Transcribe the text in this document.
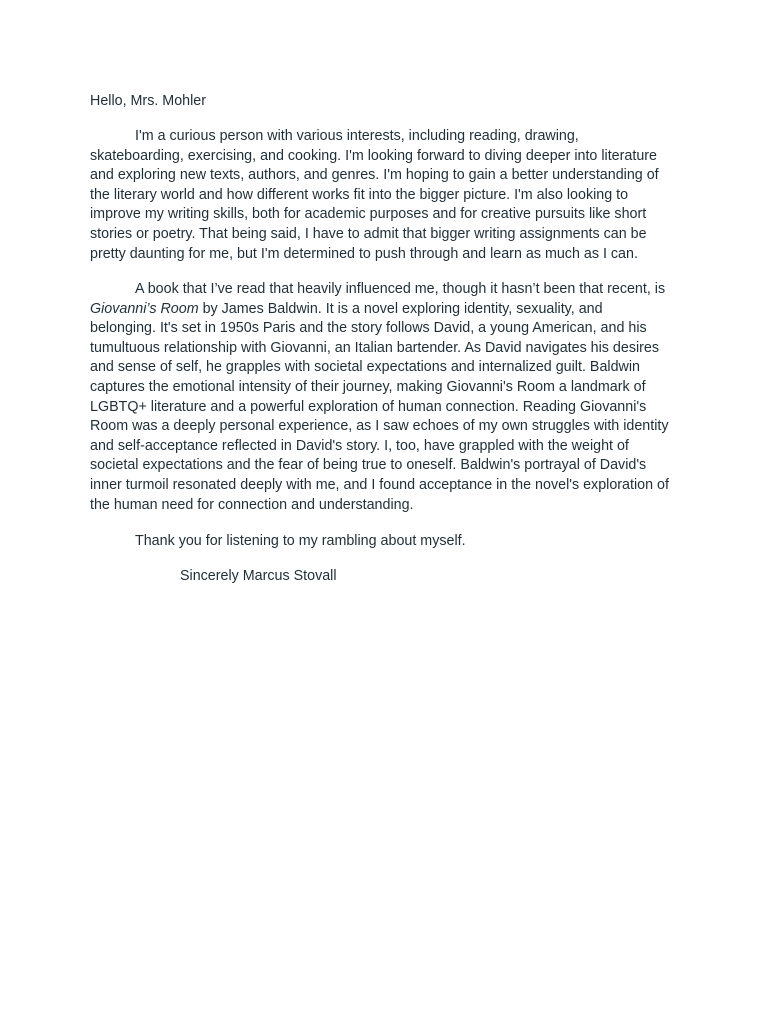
Hello, Mrs. Mohler

I'm a curious person with various interests, including reading, drawing,

skateboarding, exercising, and cooking. I'm looking forward to diving deeper into literature

and exploring new texts, authors, and genres. I'm hoping to gain a better understanding of

the literary world and how different works fit into the bigger picture. I'm also looking to

improve my writing skills, both for academic purposes and for creative pursuits like short

stories or poetry. That being said, I have to admit that bigger writing assignments can be

pretty daunting for me, but I'm determined to push through and learn as much as I can.

A book that I’ve read that heavily influenced me, though it hasn’t been that recent, is

Giovanni’s Room by James Baldwin. It is a novel exploring identity, sexuality, and

belonging. It's set in 1950s Paris and the story follows David, a young American, and his

tumultuous relationship with Giovanni, an Italian bartender. As David navigates his desires

and sense of self, he grapples with societal expectations and internalized guilt. Baldwin

captures the emotional intensity of their journey, making Giovanni's Room a landmark of

LGBTQ+ literature and a powerful exploration of human connection. Reading Giovanni's

Room was a deeply personal experience, as I saw echoes of my own struggles with identity

and self-acceptance reflected in David's story. I, too, have grappled with the weight of

societal expectations and the fear of being true to oneself. Baldwin's portrayal of David's

inner turmoil resonated deeply with me, and I found acceptance in the novel's exploration of

the human need for connection and understanding.

Thank you for listening to my rambling about myself.

Sincerely Marcus Stovall
